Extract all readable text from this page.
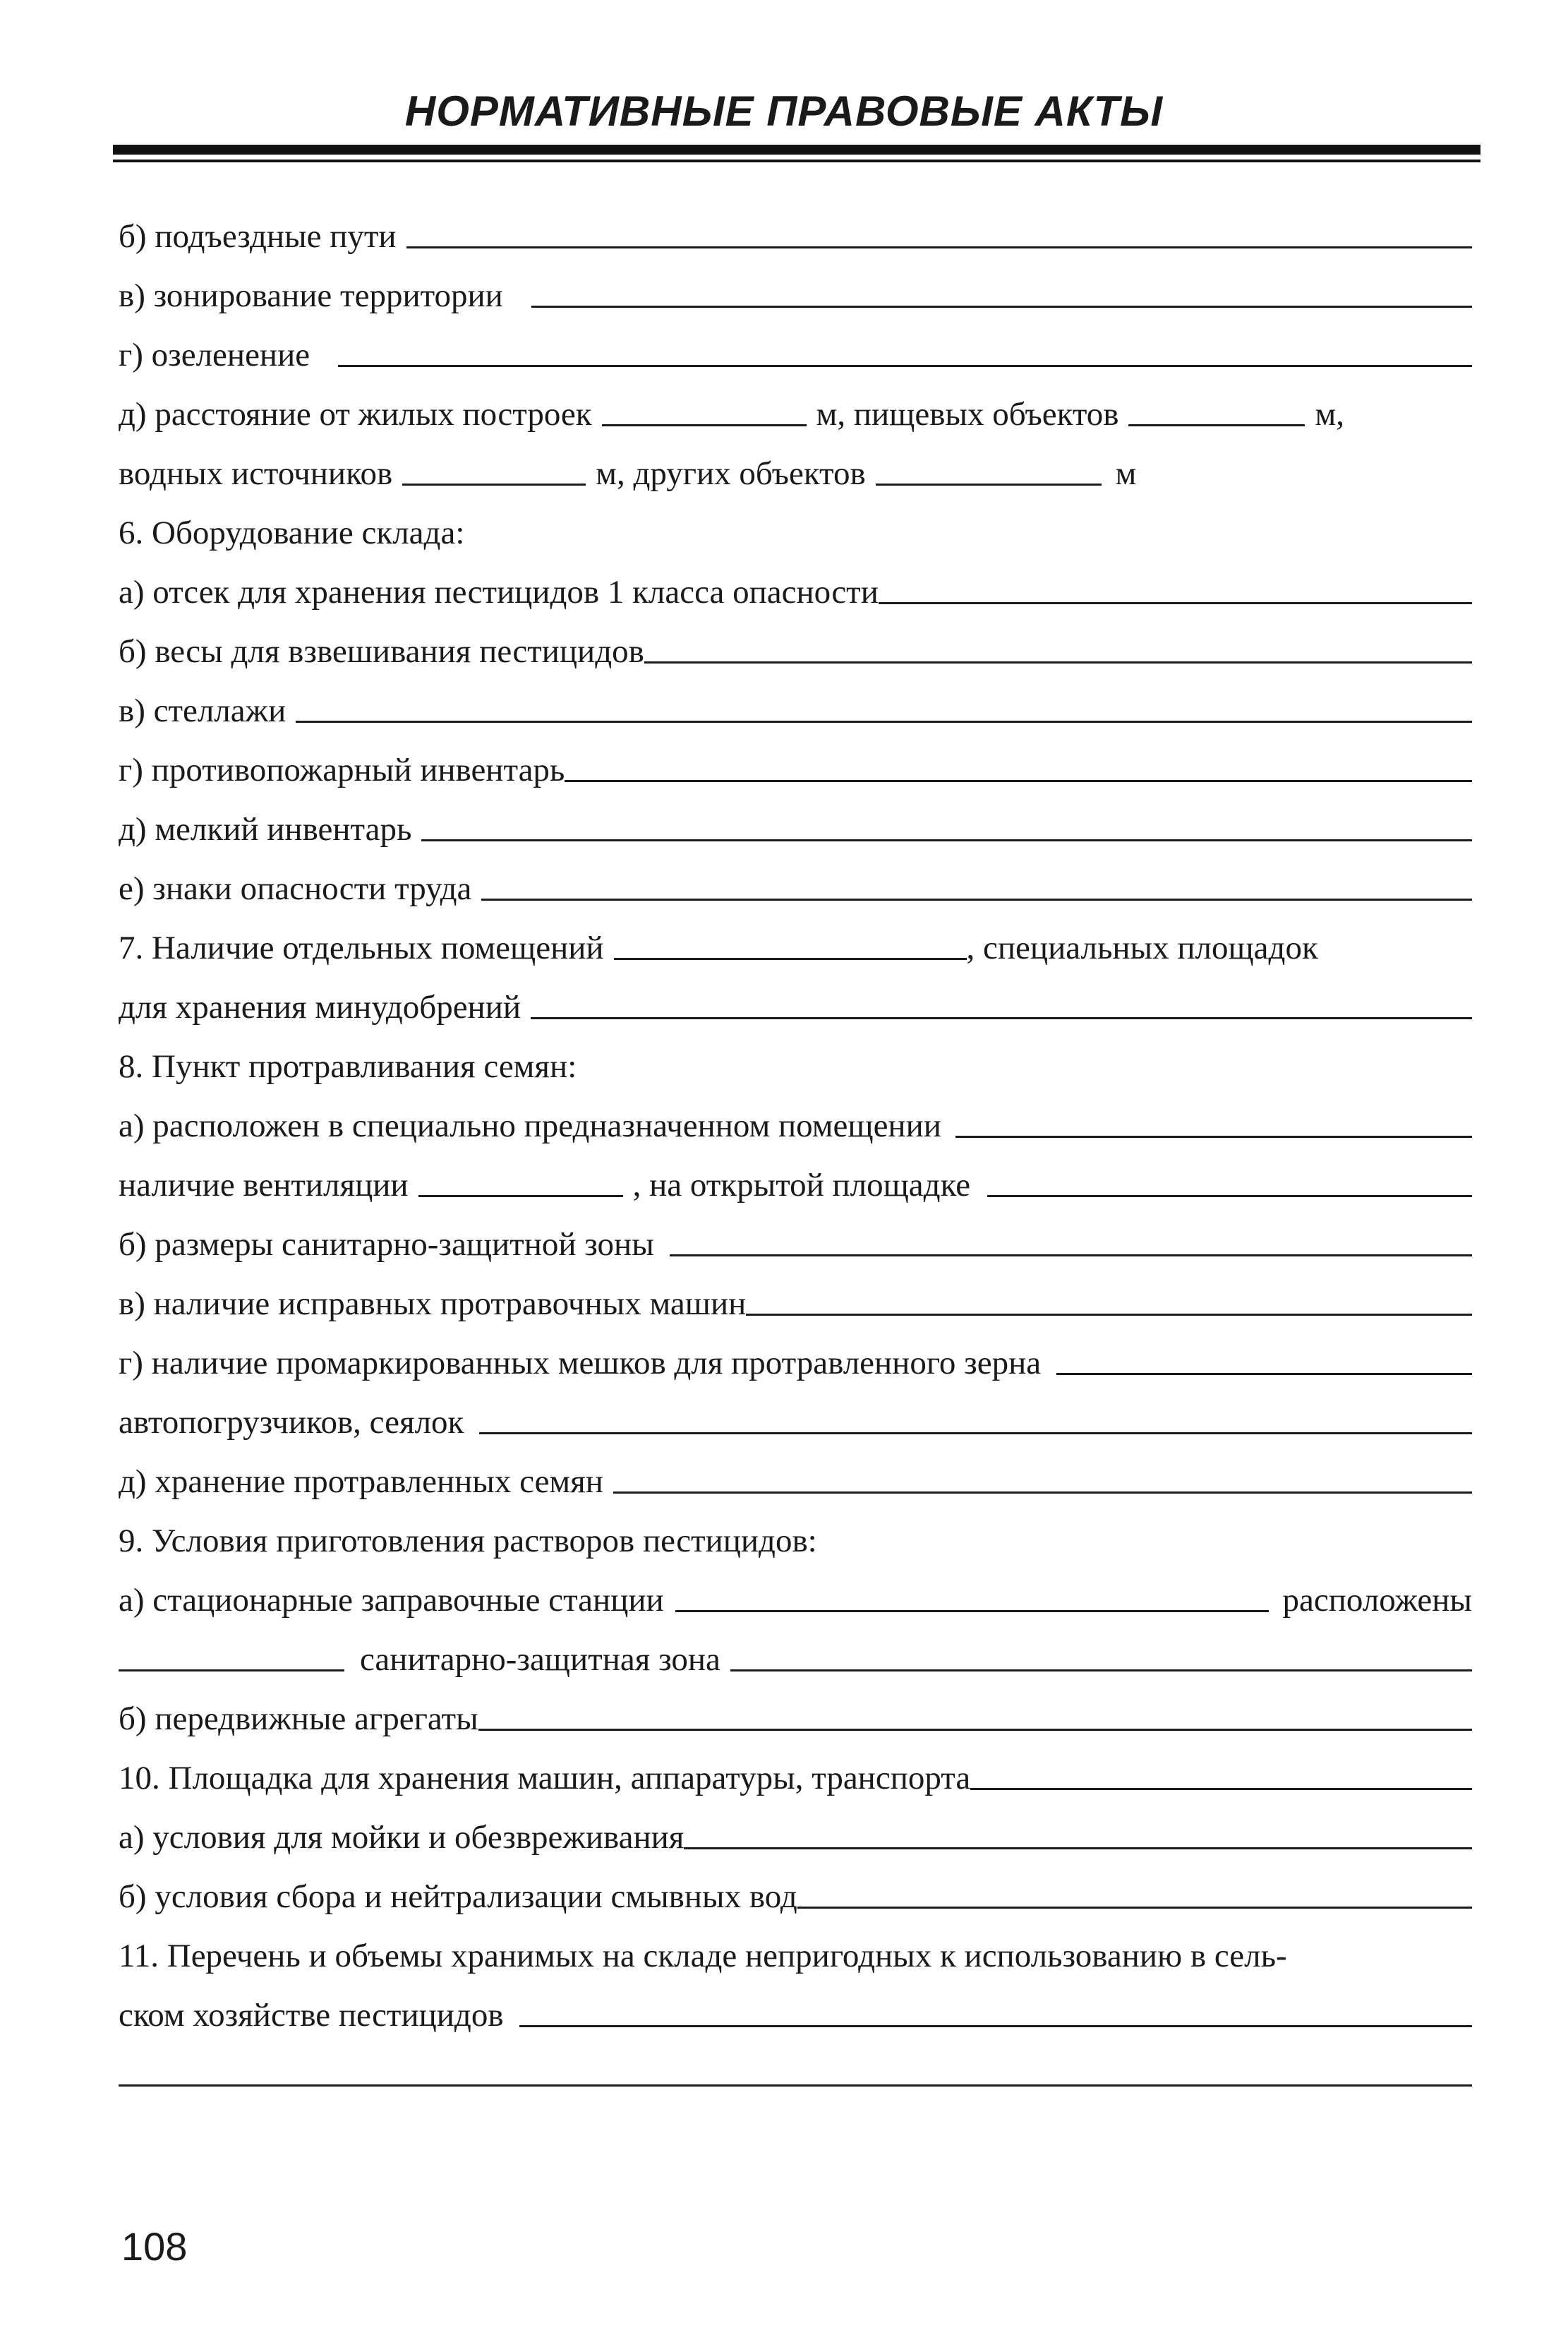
НОРМАТИВНЫЕ ПРАВОВЫЕ АКТЫ
б) подъездные пути
в) зонирование территории
г) озеленение
д) расстояние от жилых построек	м, пищевых объектов	м,
водных источников	м, других объектов	м
6. Оборудование склада:
а) отсек для хранения пестицидов 1 класса опасности
б) весы для взвешивания пестицидов
в) стеллажи
г) противопожарный инвентарь
д) мелкий инвентарь
е) знаки опасности труда
7. Наличие отдельных помещений	, специальных площадок
для хранения минудобрений
8. Пункт протравливания семян:
а) расположен в специально предназначенном помещении
наличие вентиляции	, на открытой площадке
б) размеры санитарно-защитной зоны
в) наличие исправных протравочных машин
г) наличие промаркированных мешков для протравленного зерна
автопогрузчиков, сеялок
д) хранение протравленных семян
9. Условия приготовления растворов пестицидов:
а) стационарные заправочные станции	расположены
санитарно-защитная зона
б) передвижные агрегаты
10. Площадка для хранения машин, аппаратуры, транспорта
а) условия для мойки и обезвреживания
б) условия сбора и нейтрализации смывных вод
11. Перечень и объемы хранимых на складе непригодных к использованию в сель-
ском хозяйстве пестицидов
108
